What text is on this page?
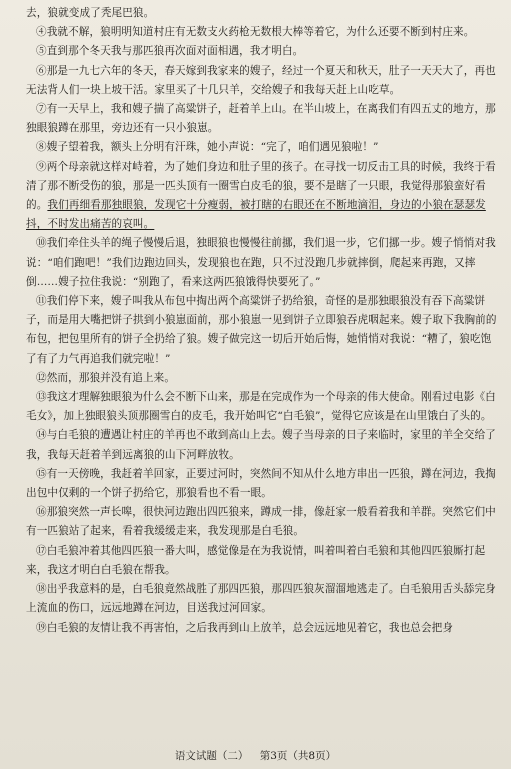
去，狼就变成了秃尾巴狼。

④我就不解，狼明明知道村庄有无数支火药枪无数根大棒等着它，为什么还要不断到村庄来。

⑤直到那个冬天我与那匹狼再次面对面相遇，我才明白。

⑥那是一九七六年的冬天，春天嫁到我家来的嫂子，经过一个夏天和秋天，肚子一天天大了，再也无法背人们一块上坡干活。家里买了十几只羊，交给嫂子和我每天赶上山吃草。

⑦有一天早上，我和嫂子揣了高粱饼子，赶着羊上山。在半山坡上，在离我们有四五丈的地方，那独眼狼蹲在那里，旁边还有一只小狼崽。

⑧嫂子望着我，额头上分明有汗珠，她小声说：“完了，咱们遇见狼啦！”

⑨两个母亲就这样对峙着，为了她们身边和肚子里的孩子。在寻找一切反击工具的时候，我终于看清了那不断受伤的狼，那是一匹头顶有一圈雪白皮毛的狼，要不是瞎了一只眼，我觉得那狼蛮好看的。我们再细看那独眼狼，发现它十分瘦弱，被打瞎的右眼还在不断地滴泪，身边的小狼在瑟瑟发抖，不时发出痛苦的哀叫。

⑩我们牵住头羊的绳子慢慢后退，独眼狼也慢慢往前挪，我们退一步，它们挪一步。嫂子悄悄对我说：“咱们跑吧！”我们边跑边回头，发现狼也在跑，只不过没跑几步就摔倒，爬起来再跑，又摔倒……嫂子拉住我说：“别跑了，看来这两匹狼饿得快要死了。”

⑪我们停下来，嫂子叫我从布包中掏出两个高粱饼子扔给狼，奇怪的是那独眼狼没有吞下高粱饼子，而是用大嘴把饼子拱到小狼崽面前，那小狼崽一见到饼子立即狼吞虎咽起来。嫂子取下我胸前的布包，把包里所有的饼子全扔给了狼。嫂子做完这一切后开始后悔，她悄悄对我说：“糟了，狼吃饱了有了力气再追我们就完啦！”

⑫然而，那狼并没有追上来。

⑬我这才理解独眼狼为什么会不断下山来，那是在完成作为一个母亲的伟大使命。刚看过电影《白毛女》，加上独眼狼头顶那圈雪白的皮毛，我开始叫它“白毛狼”，觉得它应该是在山里饿白了头的。

⑭与白毛狼的遭遇让村庄的羊再也不敢到高山上去。嫂子当母亲的日子来临时，家里的羊全交给了我，我每天赶着羊到远离狼的山下河畔放牧。

⑮有一天傍晚，我赶着羊回家，正要过河时，突然间不知从什么地方串出一匹狼，蹲在河边，我掏出包中仅剩的一个饼子扔给它，那狼看也不看一眼。

⑯那狼突然一声长嗥，很快河边跑出四匹狼来，蹲成一排，像赶家一般看着我和羊群。突然它们中有一匹狼站了起来，看着我缓缓走来，我发现那是白毛狼。

⑰白毛狼冲着其他四匹狼一番大叫，感觉像是在为我说情，叫着叫着白毛狼和其他四匹狼厮打起来，我这才明白白毛狼在帮我。

⑱出乎我意料的是，白毛狼竟然战胜了那四匹狼，那四匹狼灰溜溜地逃走了。白毛狼用舌头舔完身上流血的伤口，远远地蹲在河边，目送我过河回家。

⑲白毛狼的友情让我不再害怕，之后我再到山上放羊，总会远远地见着它，我也总会把身

语文试题（二） 第3页（共8页）
